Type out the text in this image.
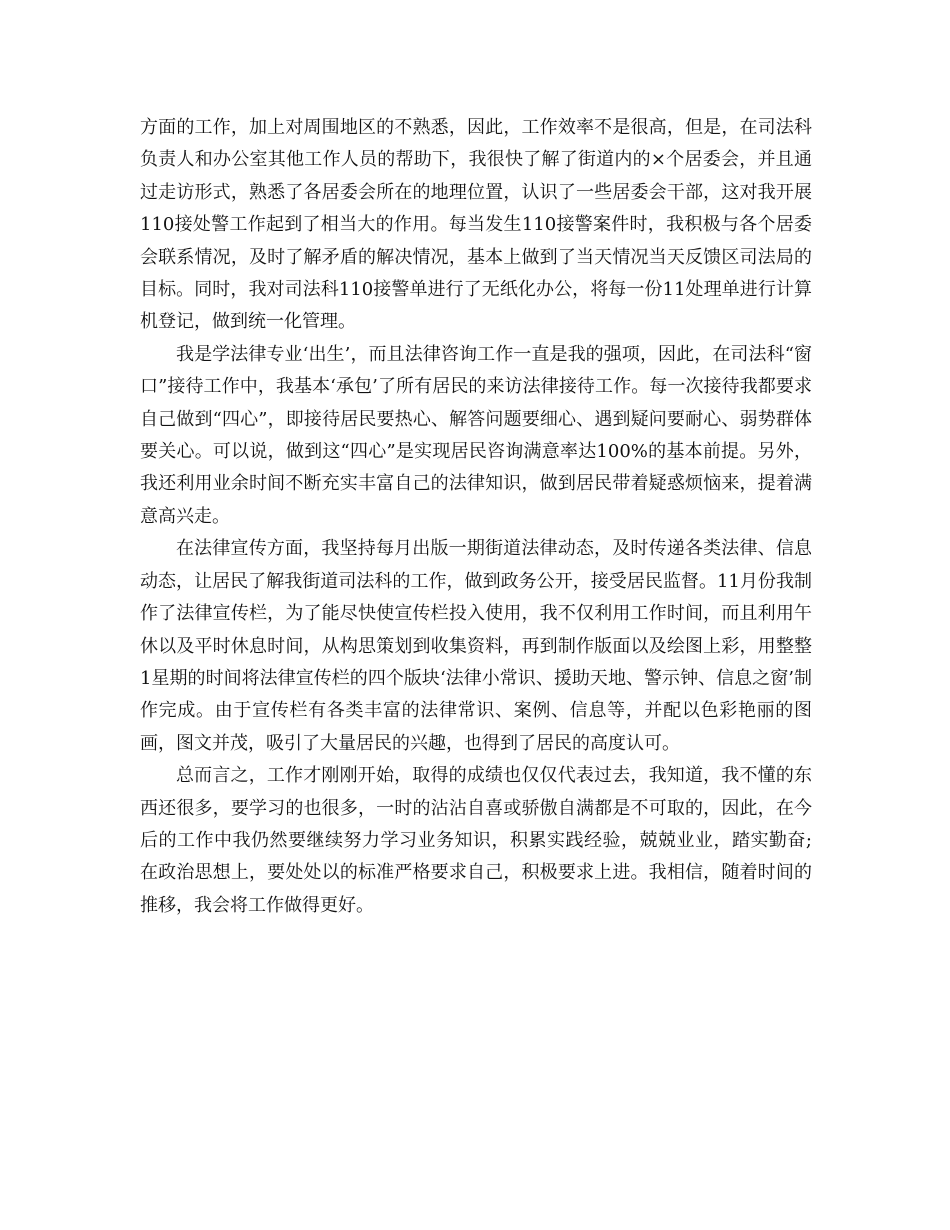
方面的工作，加上对周围地区的不熟悉，因此，工作效率不是很高，但是，在司法科负责人和办公室其他工作人员的帮助下，我很快了解了街道内的×个居委会，并且通过走访形式，熟悉了各居委会所在的地理位置，认识了一些居委会干部，这对我开展110接处警工作起到了相当大的作用。每当发生110接警案件时，我积极与各个居委会联系情况，及时了解矛盾的解决情况，基本上做到了当天情况当天反馈区司法局的目标。同时，我对司法科110接警单进行了无纸化办公，将每一份11处理单进行计算机登记，做到统一化管理。

我是学法律专业‘出生’，而且法律咨询工作一直是我的强项，因此，在司法科“窗口”接待工作中，我基本‘承包’了所有居民的来访法律接待工作。每一次接待我都要求自己做到“四心”，即接待居民要热心、解答问题要细心、遇到疑问要耐心、弱势群体要关心。可以说，做到这“四心”是实现居民咨询满意率达100%的基本前提。另外，我还利用业余时间不断充实丰富自己的法律知识，做到居民带着疑惑烦恼来，提着满意高兴走。

在法律宣传方面，我坚持每月出版一期街道法律动态，及时传递各类法律、信息动态，让居民了解我街道司法科的工作，做到政务公开，接受居民监督。11月份我制作了法律宣传栏，为了能尽快使宣传栏投入使用，我不仅利用工作时间，而且利用午休以及平时休息时间，从构思策划到收集资料，再到制作版面以及绘图上彩，用整整1星期的时间将法律宣传栏的四个版块‘法律小常识、援助天地、警示钟、信息之窗’制作完成。由于宣传栏有各类丰富的法律常识、案例、信息等，并配以色彩艳丽的图画，图文并茂，吸引了大量居民的兴趣，也得到了居民的高度认可。

总而言之，工作才刚刚开始，取得的成绩也仅仅代表过去，我知道，我不懂的东西还很多，要学习的也很多，一时的沾沾自喜或骄傲自满都是不可取的，因此，在今后的工作中我仍然要继续努力学习业务知识，积累实践经验，兢兢业业，踏实勤奋;在政治思想上，要处处以的标准严格要求自己，积极要求上进。我相信，随着时间的推移，我会将工作做得更好。
